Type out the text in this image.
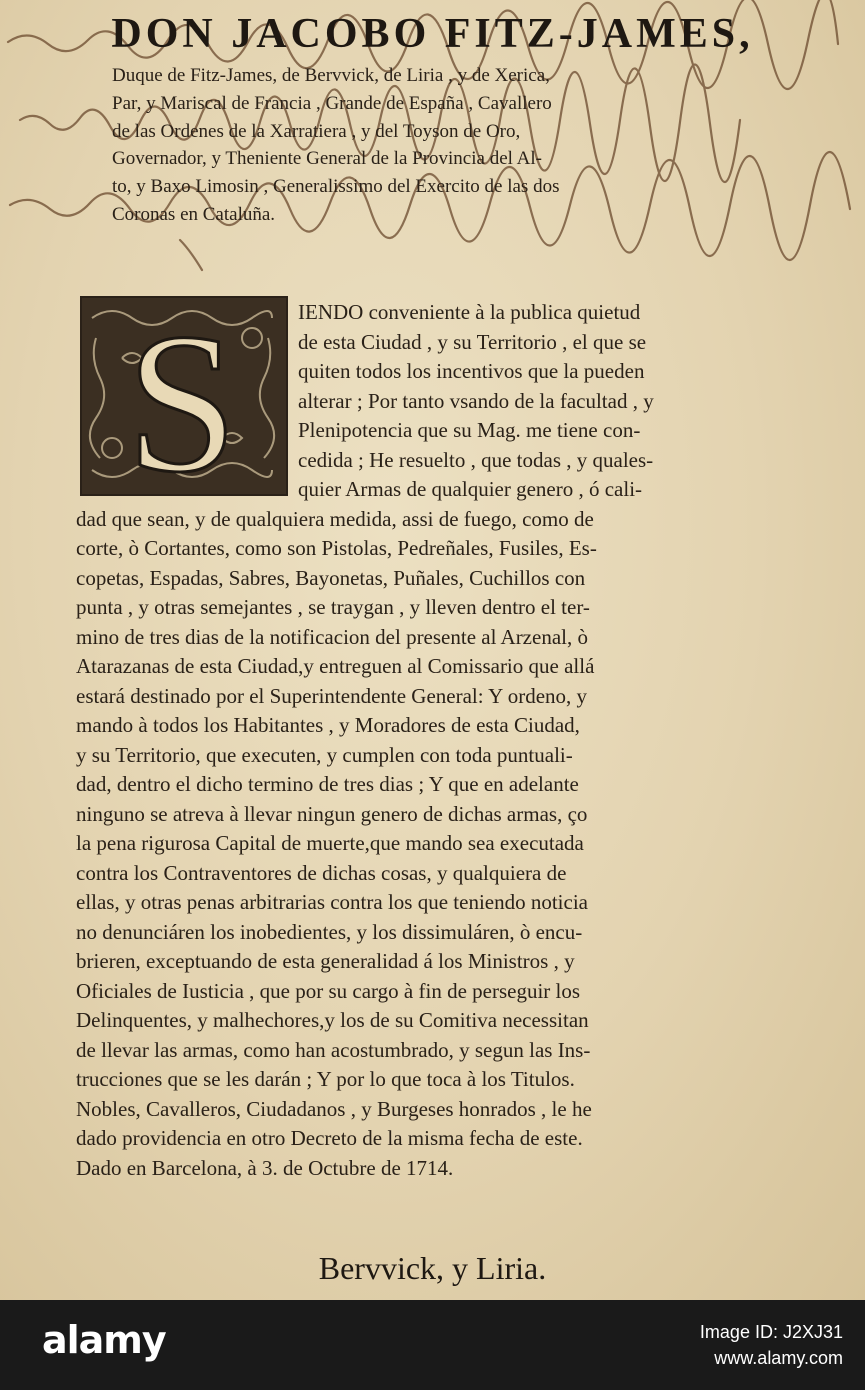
DON JACOBO FITZ-JAMES,
Duque de Fitz-James, de Bervvick, de Liria , y de Xerica,
Par, y Mariscal de Francia , Grande de España , Cavallero
de las Ordenes de la Xarratiera , y del Toyson de Oro,
Governador, y Theniente General de la Provincia del Al-
to, y Baxo Limosin , Generalissimo del Exercito de las dos
Coronas en Cataluña.
S	IENDO conveniente à la publica quietud
de esta Ciudad , y su Territorio , el que se
quiten todos los incentivos que la pueden
alterar ; Por tanto vsando de la facultad , y
Plenipotencia que su Mag. me tiene con-
cedida ; He resuelto , que todas , y quales-
quier Armas de qualquier genero , ó cali-
dad que sean, y de qualquiera medida, assi de fuego, como de
corte, ò Cortantes, como son Pistolas, Pedreñales, Fusiles, Es-
copetas, Espadas, Sabres, Bayonetas, Puñales, Cuchillos con
punta , y otras semejantes , se traygan , y lleven dentro el ter-
mino de tres dias de la notificacion del presente al Arzenal, ò
Atarazanas de esta Ciudad,y entreguen al Comissario que allá
estará destinado por el Superintendente General: Y ordeno, y
mando à todos los Habitantes , y Moradores de esta Ciudad,
y su Territorio, que executen, y cumplen con toda puntuali-
dad, dentro el dicho termino de tres dias ; Y que en adelante
ninguno se atreva à llevar ningun genero de dichas armas, ço
la pena rigurosa Capital de muerte,que mando sea executada
contra los Contraventores de dichas cosas, y qualquiera de
ellas, y otras penas arbitrarias contra los que teniendo noticia
no denunciáren los inobedientes, y los dissimuláren, ò encu-
brieren, exceptuando de esta generalidad á los Ministros , y
Oficiales de Iusticia , que por su cargo à fin de perseguir los
Delinquentes, y malhechores,y los de su Comitiva necessitan
de llevar las armas, como han acostumbrado, y segun las Ins-
trucciones que se les darán ; Y por lo que toca à los Titulos.
Nobles, Cavalleros, Ciudadanos , y Burgeses honrados , le he
dado providencia en otro Decreto de la misma fecha de este.
Dado en Barcelona, à 3. de Octubre de 1714.
Bervvick, y Liria.
alamy	Image ID: J2XJ31
www.alamy.com
